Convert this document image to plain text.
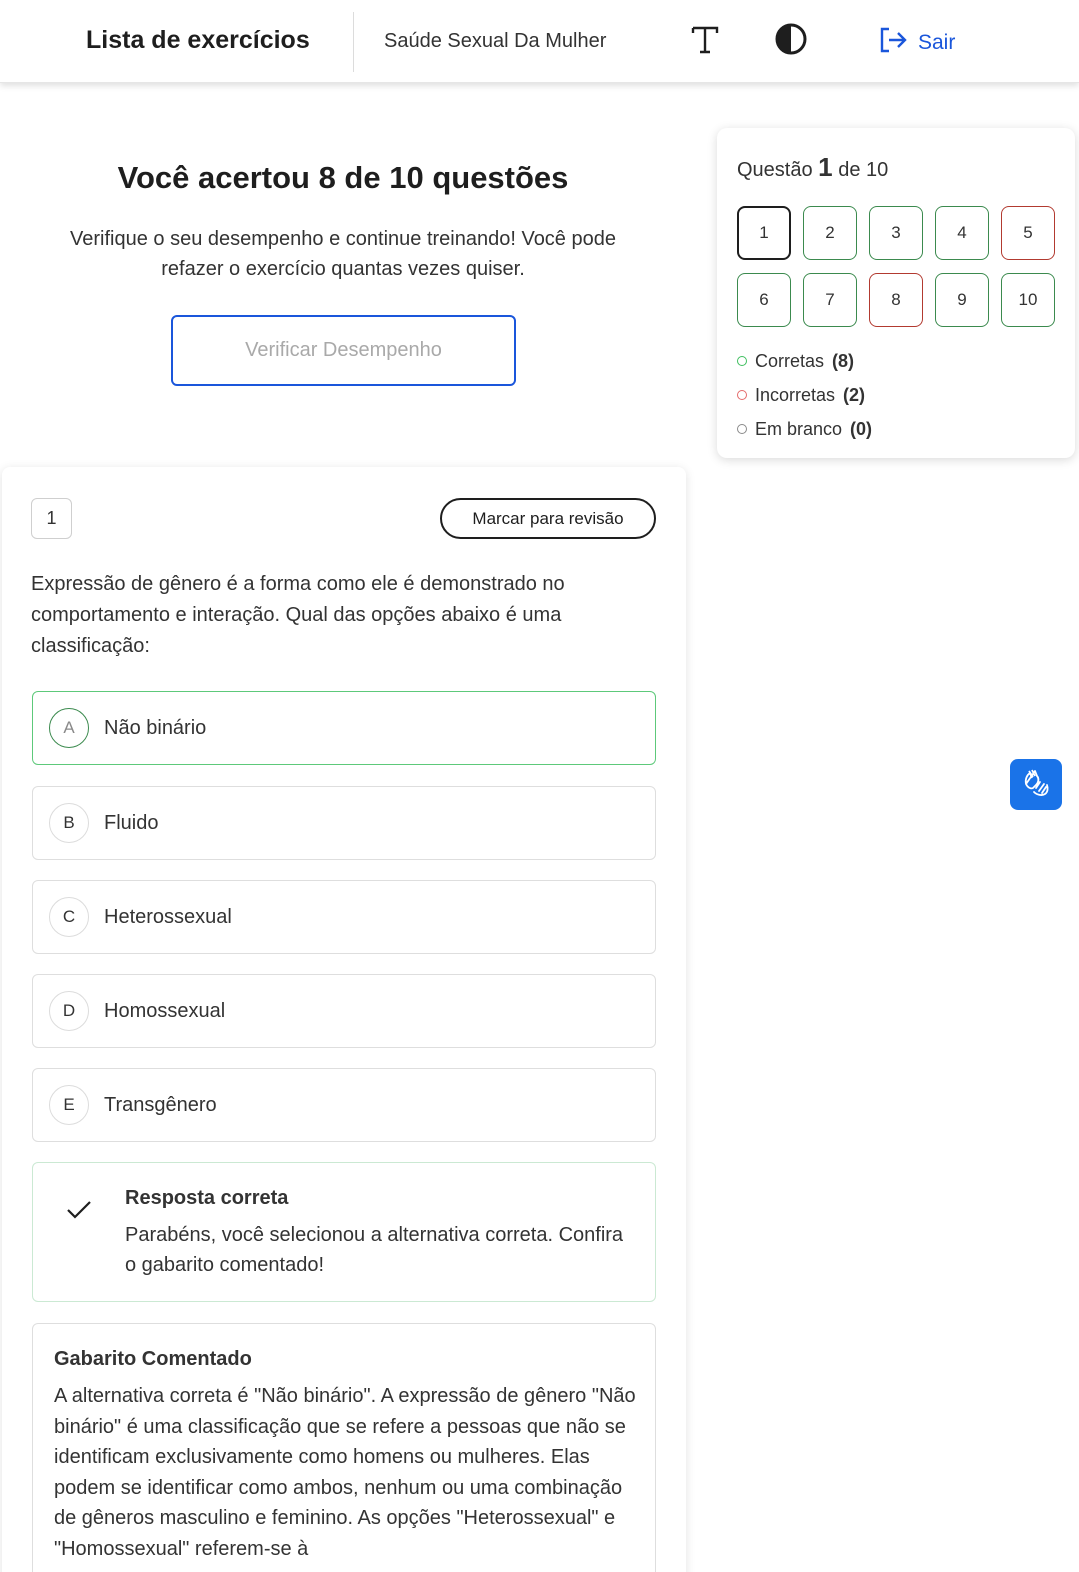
Lista de exercícios	Saúde Sexual Da Mulher	Sair
Você acertou 8 de 10 questões
Verifique o seu desempenho e continue treinando! Você pode refazer o exercício quantas vezes quiser.
Verificar Desempenho
Questão 1 de 10
1	2	3	4	5
6	7	8	9	10
Corretas (8)
Incorretas (2)
Em branco (0)
1	Marcar para revisão
Expressão de gênero é a forma como ele é demonstrado no comportamento e interação. Qual das opções abaixo é uma classificação:
A	Não binário
B	Fluido
C	Heterossexual
D	Homossexual
E	Transgênero
Resposta correta
Parabéns, você selecionou a alternativa correta. Confira o gabarito comentado!
Gabarito Comentado
A alternativa correta é "Não binário". A expressão de gênero "Não binário" é uma classificação que se refere a pessoas que não se identificam exclusivamente como homens ou mulheres. Elas podem se identificar como ambos, nenhum ou uma combinação de gêneros masculino e feminino. As opções "Heterossexual" e "Homossexual" referem-se à
